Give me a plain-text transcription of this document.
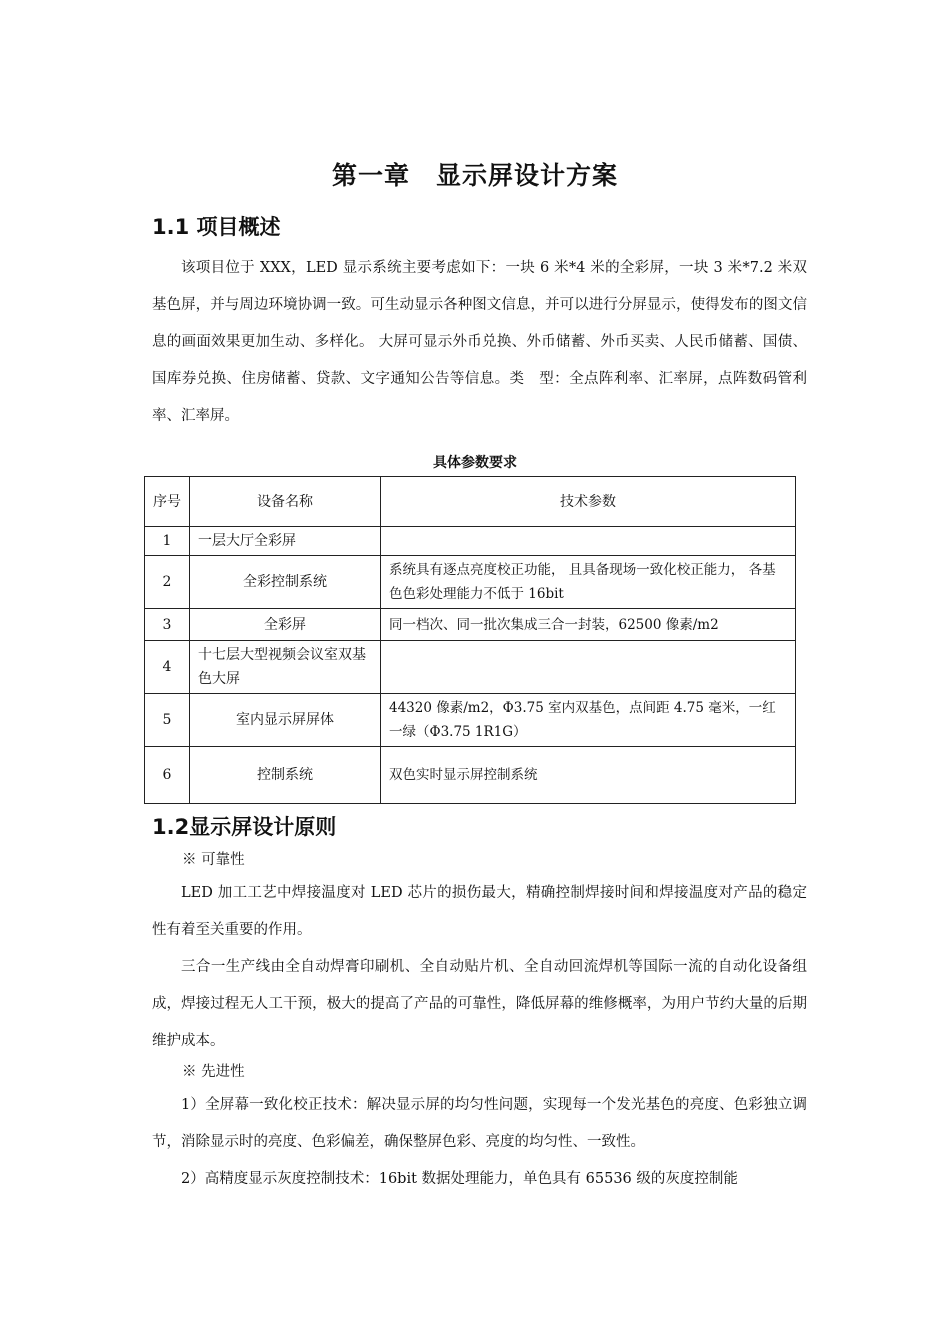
第一章　显示屏设计方案
1.1 项目概述

该项目位于 XXX，LED 显示系统主要考虑如下：一块 6 米*4 米的全彩屏，一块 3 米*7.2 米双基色屏，并与周边环境协调一致。可生动显示各种图文信息，并可以进行分屏显示，使得发布的图文信息的画面效果更加生动、多样化。 大屏可显示外币兑换、外币储蓄、外币买卖、人民币储蓄、国债、国库券兑换、住房储蓄、贷款、文字通知公告等信息。类　型：全点阵利率、汇率屏，点阵数码管利率、汇率屏。

具体参数要求
序号	设备名称	技术参数
1	一层大厅全彩屏	
2	全彩控制系统	系统具有逐点亮度校正功能， 且具备现场一致化校正能力， 各基色色彩处理能力不低于 16bit
3	全彩屏	同一档次、同一批次集成三合一封装，62500 像素/m2
4	十七层大型视频会议室双基色大屏	
5	室内显示屏屏体	44320 像素/m2，Φ3.75 室内双基色，点间距 4.75 毫米，一红一绿（Φ3.75 1R1G）
6	控制系统	双色实时显示屏控制系统
1.2显示屏设计原则

※ 可靠性

LED 加工工艺中焊接温度对 LED 芯片的损伤最大，精确控制焊接时间和焊接温度对产品的稳定性有着至关重要的作用。

三合一生产线由全自动焊膏印刷机、全自动贴片机、全自动回流焊机等国际一流的自动化设备组成，焊接过程无人工干预，极大的提高了产品的可靠性，降低屏幕的维修概率，为用户节约大量的后期维护成本。

※ 先进性

1）全屏幕一致化校正技术：解决显示屏的均匀性问题，实现每一个发光基色的亮度、色彩独立调节，消除显示时的亮度、色彩偏差，确保整屏色彩、亮度的均匀性、一致性。

2）高精度显示灰度控制技术：16bit 数据处理能力，单色具有 65536 级的灰度控制能
